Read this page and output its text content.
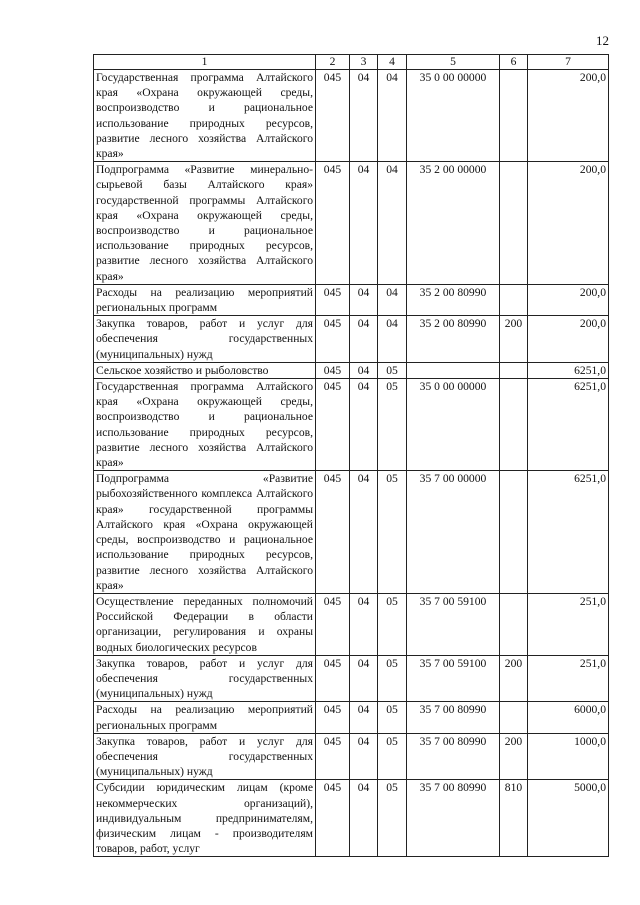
12
1	2	3	4	5	6	7
Государственная программа Алтайского края «Охрана окружающей среды, воспроизводство и рациональное использование природных ресурсов, развитие лесного хозяйства Алтайского края»	045	04	04	35 0 00 00000		200,0
Подпрограмма «Развитие минерально-сырьевой базы Алтайского края» государственной программы Алтайского края «Охрана окружающей среды, воспроизводство и рациональное использование природных ресурсов, развитие лесного хозяйства Алтайского края»	045	04	04	35 2 00 00000		200,0
Расходы на реализацию мероприятий региональных программ	045	04	04	35 2 00 80990		200,0
Закупка товаров, работ и услуг для обеспечения государственных (муниципальных) нужд	045	04	04	35 2 00 80990	200	200,0
Сельское хозяйство и рыболовство	045	04	05			6251,0
Государственная программа Алтайского края «Охрана окружающей среды, воспроизводство и рациональное использование природных ресурсов, развитие лесного хозяйства Алтайского края»	045	04	05	35 0 00 00000		6251,0
Подпрограмма «Развитие рыбохозяйственного комплекса Алтайского края» государственной программы Алтайского края «Охрана окружающей среды, воспроизводство и рациональное использование природных ресурсов, развитие лесного хозяйства Алтайского края»	045	04	05	35 7 00 00000		6251,0
Осуществление переданных полномочий Российской Федерации в области организации, регулирования и охраны водных биологических ресурсов	045	04	05	35 7 00 59100		251,0
Закупка товаров, работ и услуг для обеспечения государственных (муниципальных) нужд	045	04	05	35 7 00 59100	200	251,0
Расходы на реализацию мероприятий региональных программ	045	04	05	35 7 00 80990		6000,0
Закупка товаров, работ и услуг для обеспечения государственных (муниципальных) нужд	045	04	05	35 7 00 80990	200	1000,0
Субсидии юридическим лицам (кроме некоммерческих организаций), индивидуальным предпринимателям, физическим лицам - производителям товаров, работ, услуг	045	04	05	35 7 00 80990	810	5000,0
